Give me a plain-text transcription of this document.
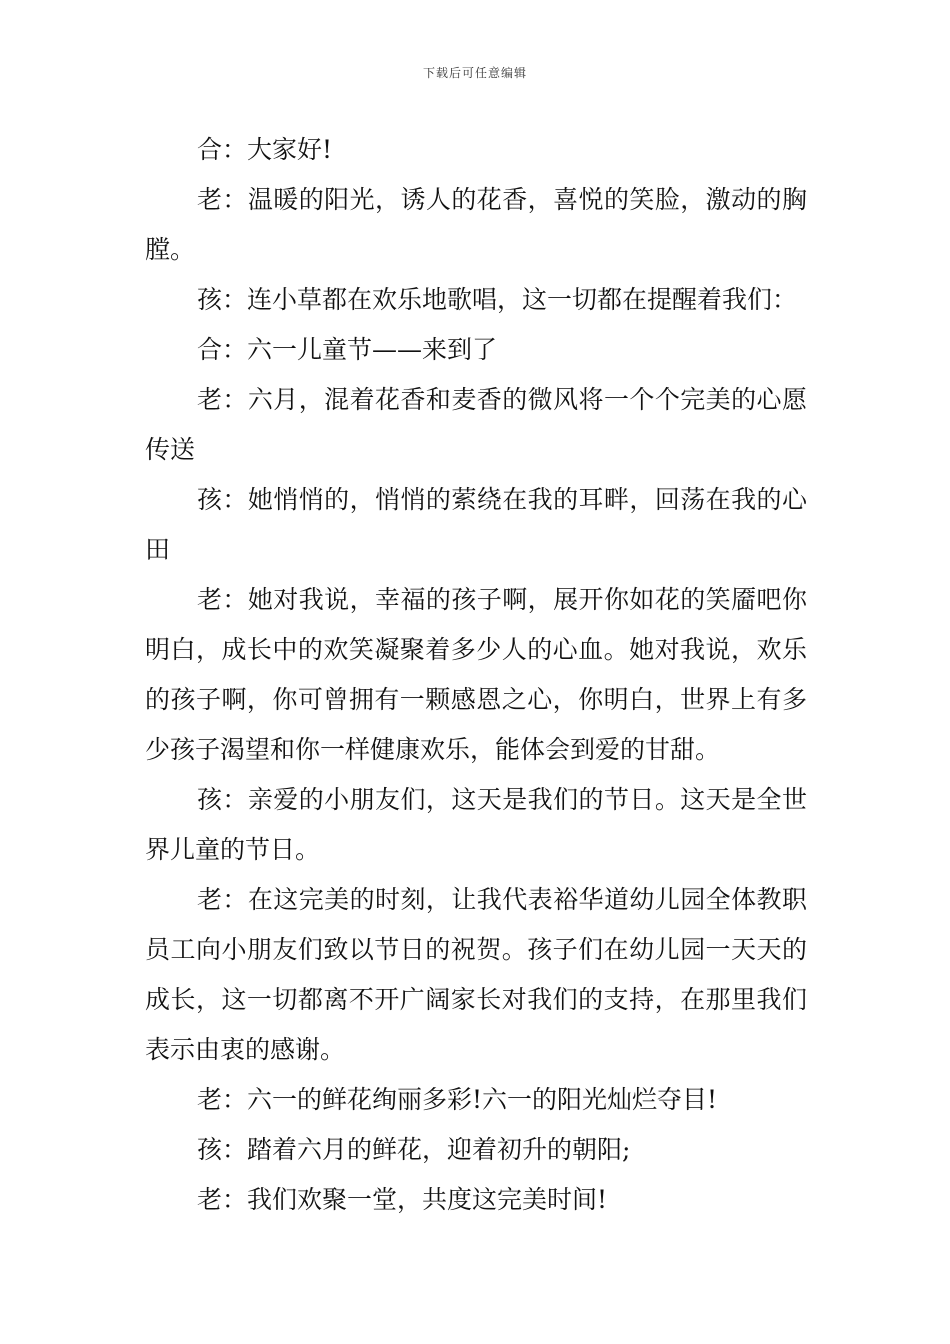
下载后可任意编辑

合：大家好!

老：温暖的阳光，诱人的花香，喜悦的笑脸，激动的胸膛。

孩：连小草都在欢乐地歌唱，这一切都在提醒着我们：

合：六一儿童节——来到了

老：六月，混着花香和麦香的微风将一个个完美的心愿传送

孩：她悄悄的，悄悄的萦绕在我的耳畔，回荡在我的心田

老：她对我说，幸福的孩子啊，展开你如花的笑靥吧你明白，成长中的欢笑凝聚着多少人的心血。她对我说，欢乐的孩子啊，你可曾拥有一颗感恩之心，你明白，世界上有多少孩子渴望和你一样健康欢乐，能体会到爱的甘甜。

孩：亲爱的小朋友们，这天是我们的节日。这天是全世界儿童的节日。

老：在这完美的时刻，让我代表裕华道幼儿园全体教职员工向小朋友们致以节日的祝贺。孩子们在幼儿园一天天的成长，这一切都离不开广阔家长对我们的支持，在那里我们表示由衷的感谢。

老：六一的鲜花绚丽多彩!六一的阳光灿烂夺目!

孩：踏着六月的鲜花，迎着初升的朝阳;

老：我们欢聚一堂，共度这完美时间!
